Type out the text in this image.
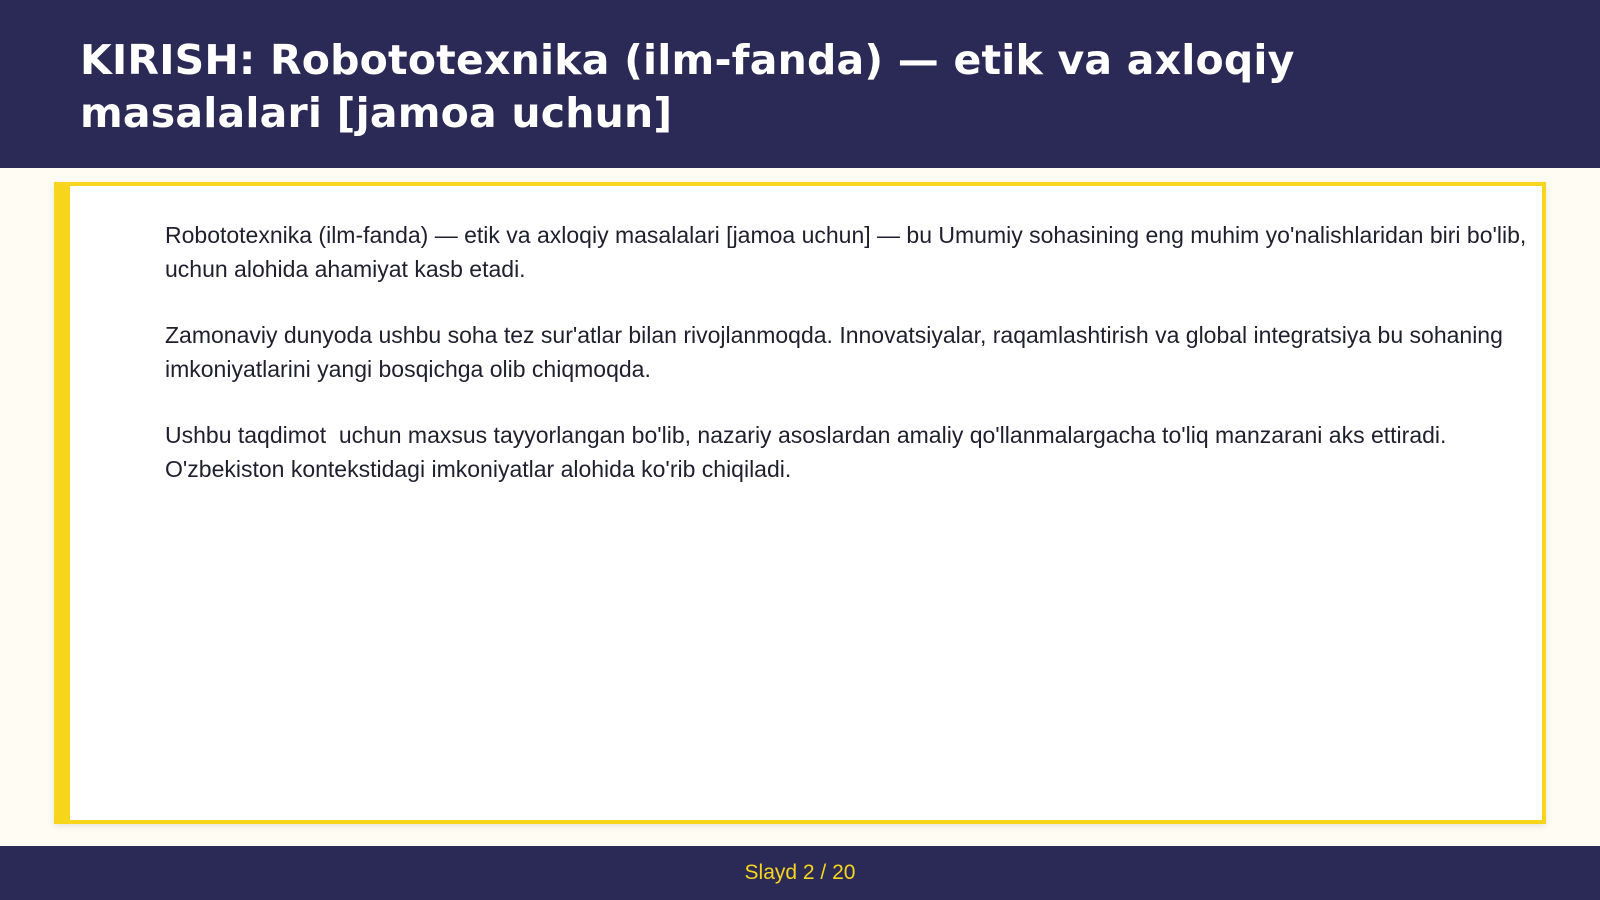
KIRISH: Robototexnika (ilm-fanda) — etik va axloqiy masalalari [jamoa uchun]

Robototexnika (ilm-fanda) — etik va axloqiy masalalari [jamoa uchun] — bu Umumiy sohasining eng muhim yo'nalishlaridan biri bo'lib,  uchun alohida ahamiyat kasb etadi.

Zamonaviy dunyoda ushbu soha tez sur'atlar bilan rivojlanmoqda. Innovatsiyalar, raqamlashtirish va global integratsiya bu sohaning imkoniyatlarini yangi bosqichga olib chiqmoqda.

Ushbu taqdimot  uchun maxsus tayyorlangan bo'lib, nazariy asoslardan amaliy qo'llanmalargacha to'liq manzarani aks ettiradi. O'zbekiston kontekstidagi imkoniyatlar alohida ko'rib chiqiladi.

Slayd 2 / 20
